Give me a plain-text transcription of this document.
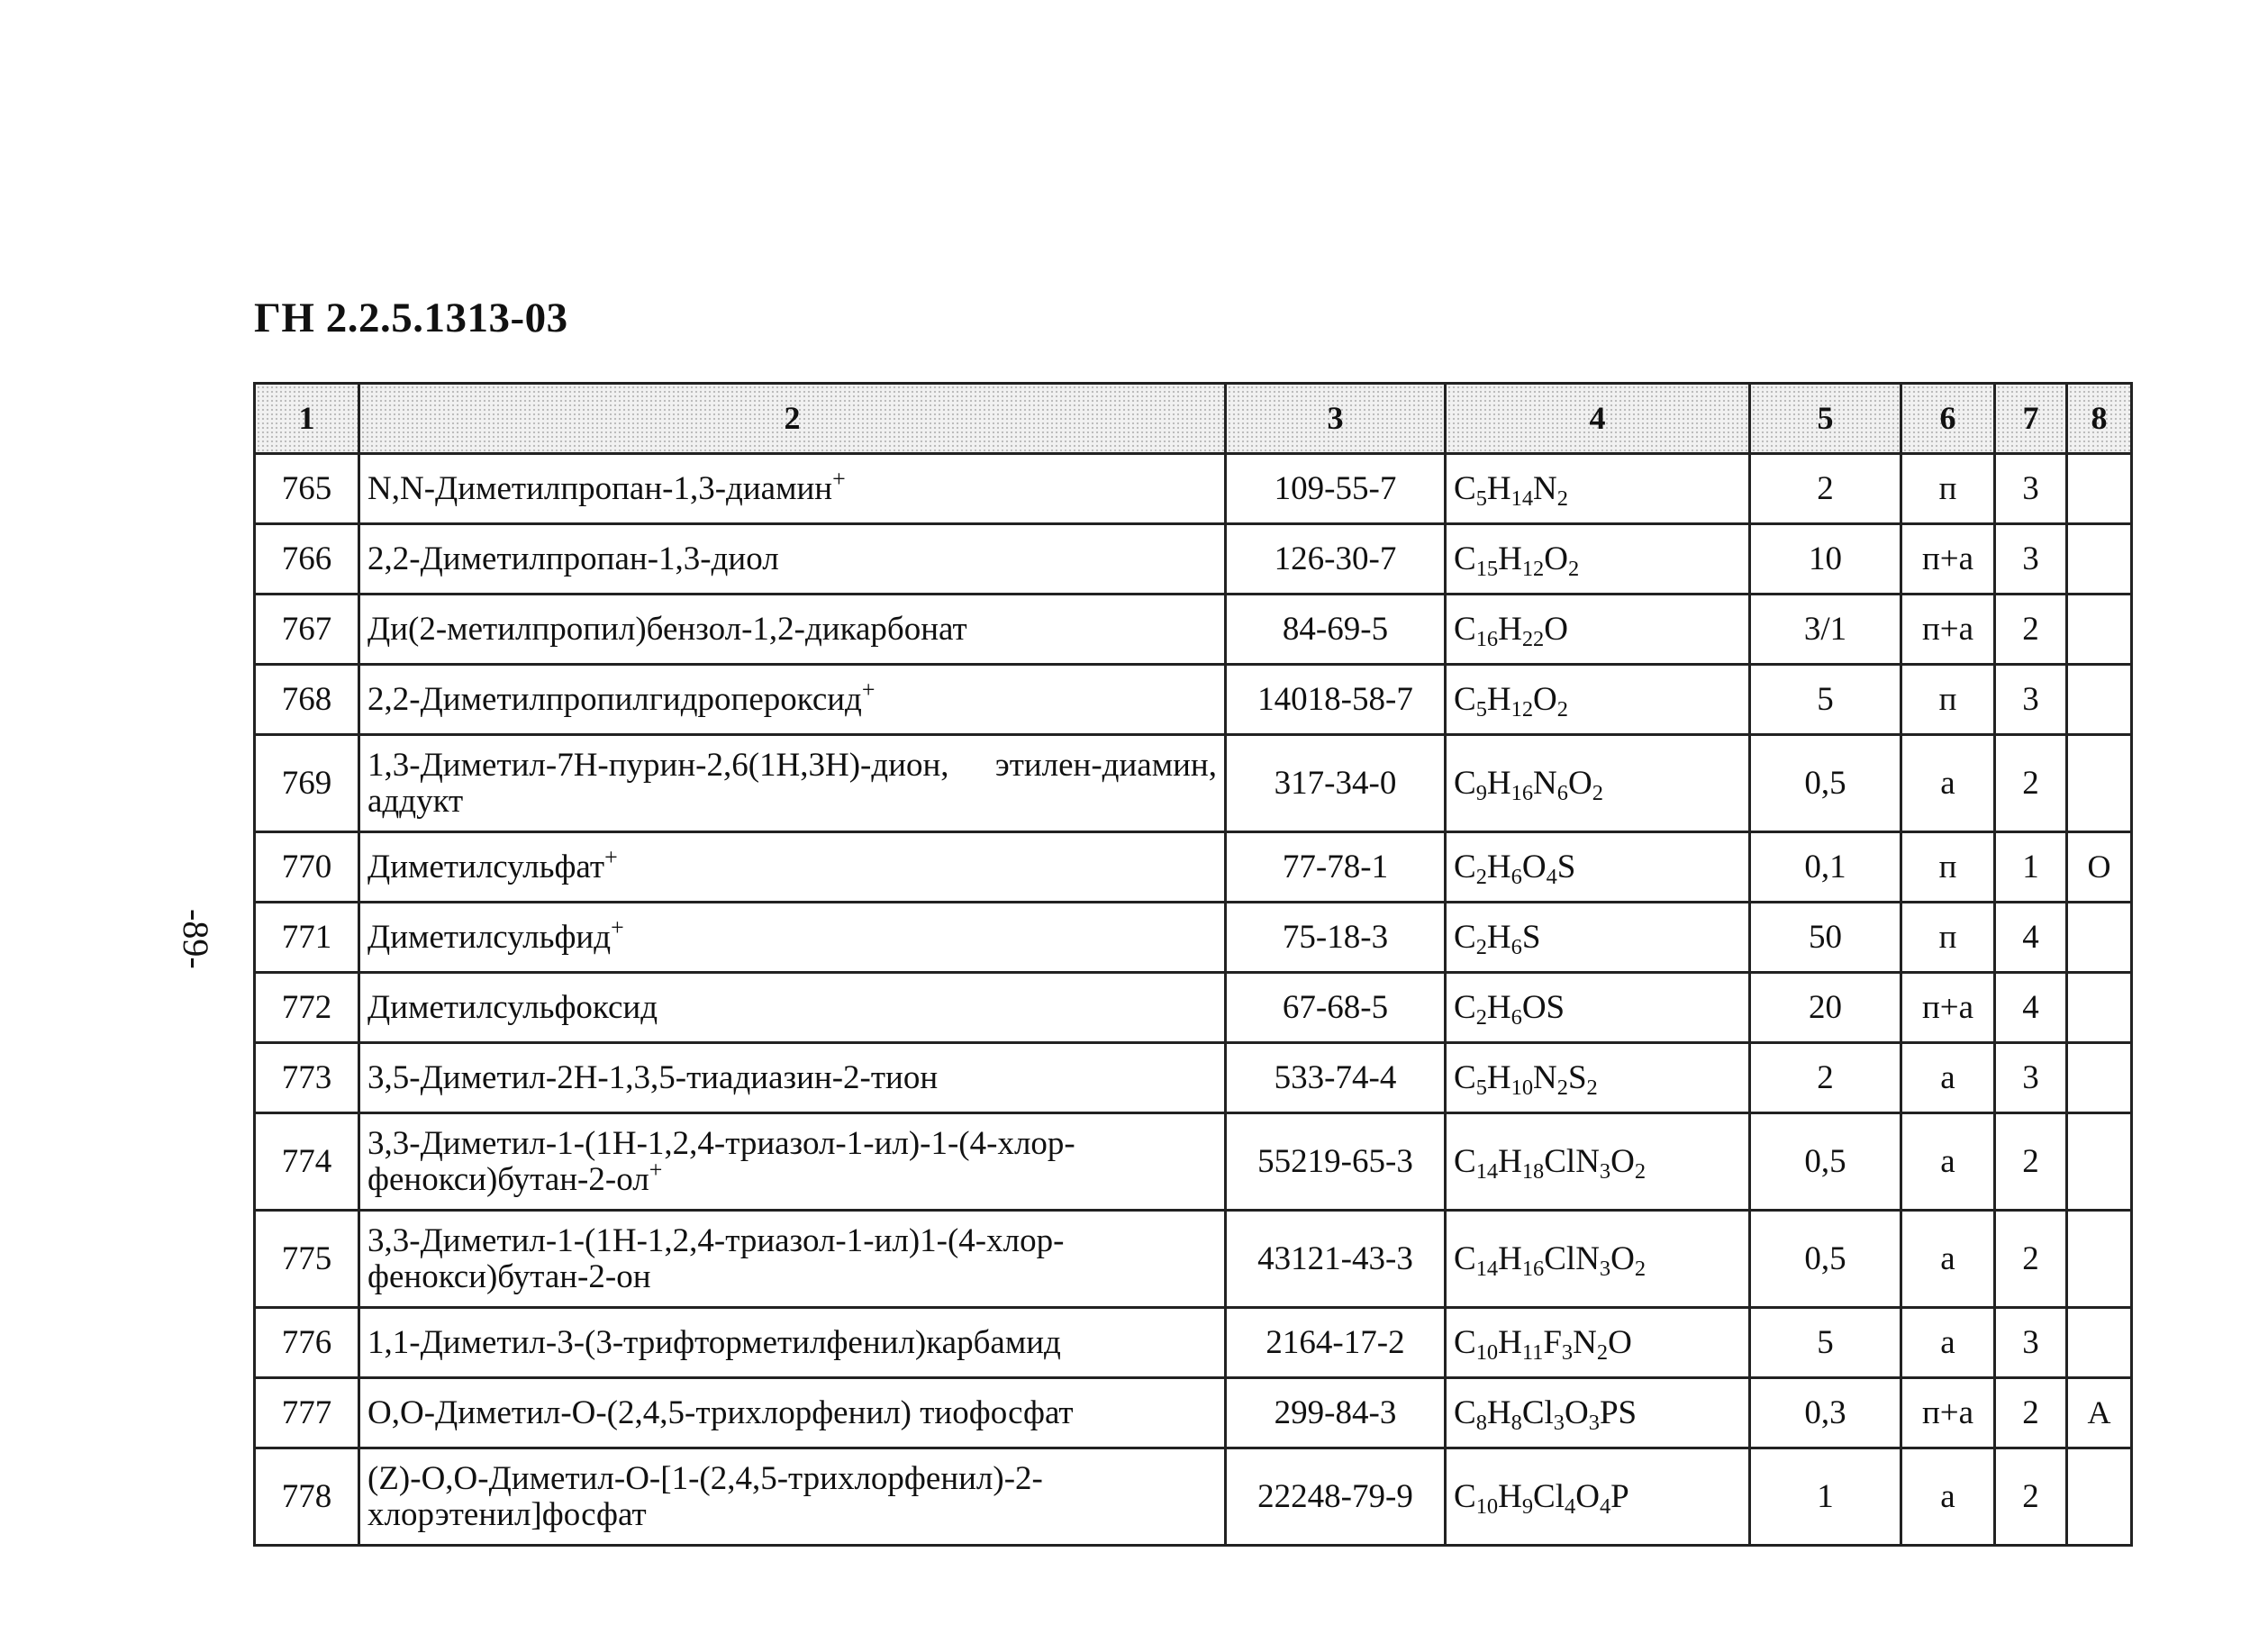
ГН 2.2.5.1313-03
-89-
1	2	3	4	5	6	7	8
765	N,N-Диметилпропан-1,3-диамин+	109-55-7	$C_5H_{14}N_2$	2	п	3	
766	2,2-Диметилпропан-1,3-диол	126-30-7	$C_{15}H_{12}O_2$	10	п+а	3	
767	Ди(2-метилпропил)бензол-1,2-дикарбонат	84-69-5	$C_{16}H_{22}O$	3/1	п+а	2	
768	2,2-Диметилпропилгидропероксид+	14018-58-7	$C_5H_{12}O_2$	5	п	3	
769	1,3-Диметил-7Н-пурин-2,6(1Н,3Н)-дион, этилен-диамин, аддукт	317-34-0	$C_9H_{16}N_6O_2$	0,5	а	2	
770	Диметилсульфат+	77-78-1	$C_2H_6O_4S$	0,1	п	1	О
771	Диметилсульфид+	75-18-3	$C_2H_6S$	50	п	4	
772	Диметилсульфоксид	67-68-5	$C_2H_6OS$	20	п+а	4	
773	3,5-Диметил-2Н-1,3,5-тиадиазин-2-тион	533-74-4	$C_5H_{10}N_2S_2$	2	а	3	
774	3,3-Диметил-1-(1Н-1,2,4-триазол-1-ил)-1-(4-хлор-фенокси)бутан-2-ол+	55219-65-3	$C_{14}H_{18}ClN_3O_2$	0,5	а	2	
775	3,3-Диметил-1-(1Н-1,2,4-триазол-1-ил)1-(4-хлор-фенокси)бутан-2-он	43121-43-3	$C_{14}H_{16}ClN_3O_2$	0,5	а	2	
776	1,1-Диметил-3-(3-трифторметилфенил)карбамид	2164-17-2	$C_{10}H_{11}F_3N_2O$	5	а	3	
777	О,О-Диметил-О-(2,4,5-трихлорфенил) тиофосфат	299-84-3	$C_8H_8Cl_3O_3PS$	0,3	п+а	2	А
778	(Z)-О,О-Диметил-О-[1-(2,4,5-трихлорфенил)-2-хлорэтенил]фосфат	22248-79-9	$C_{10}H_9Cl_4O_4P$	1	а	2	
